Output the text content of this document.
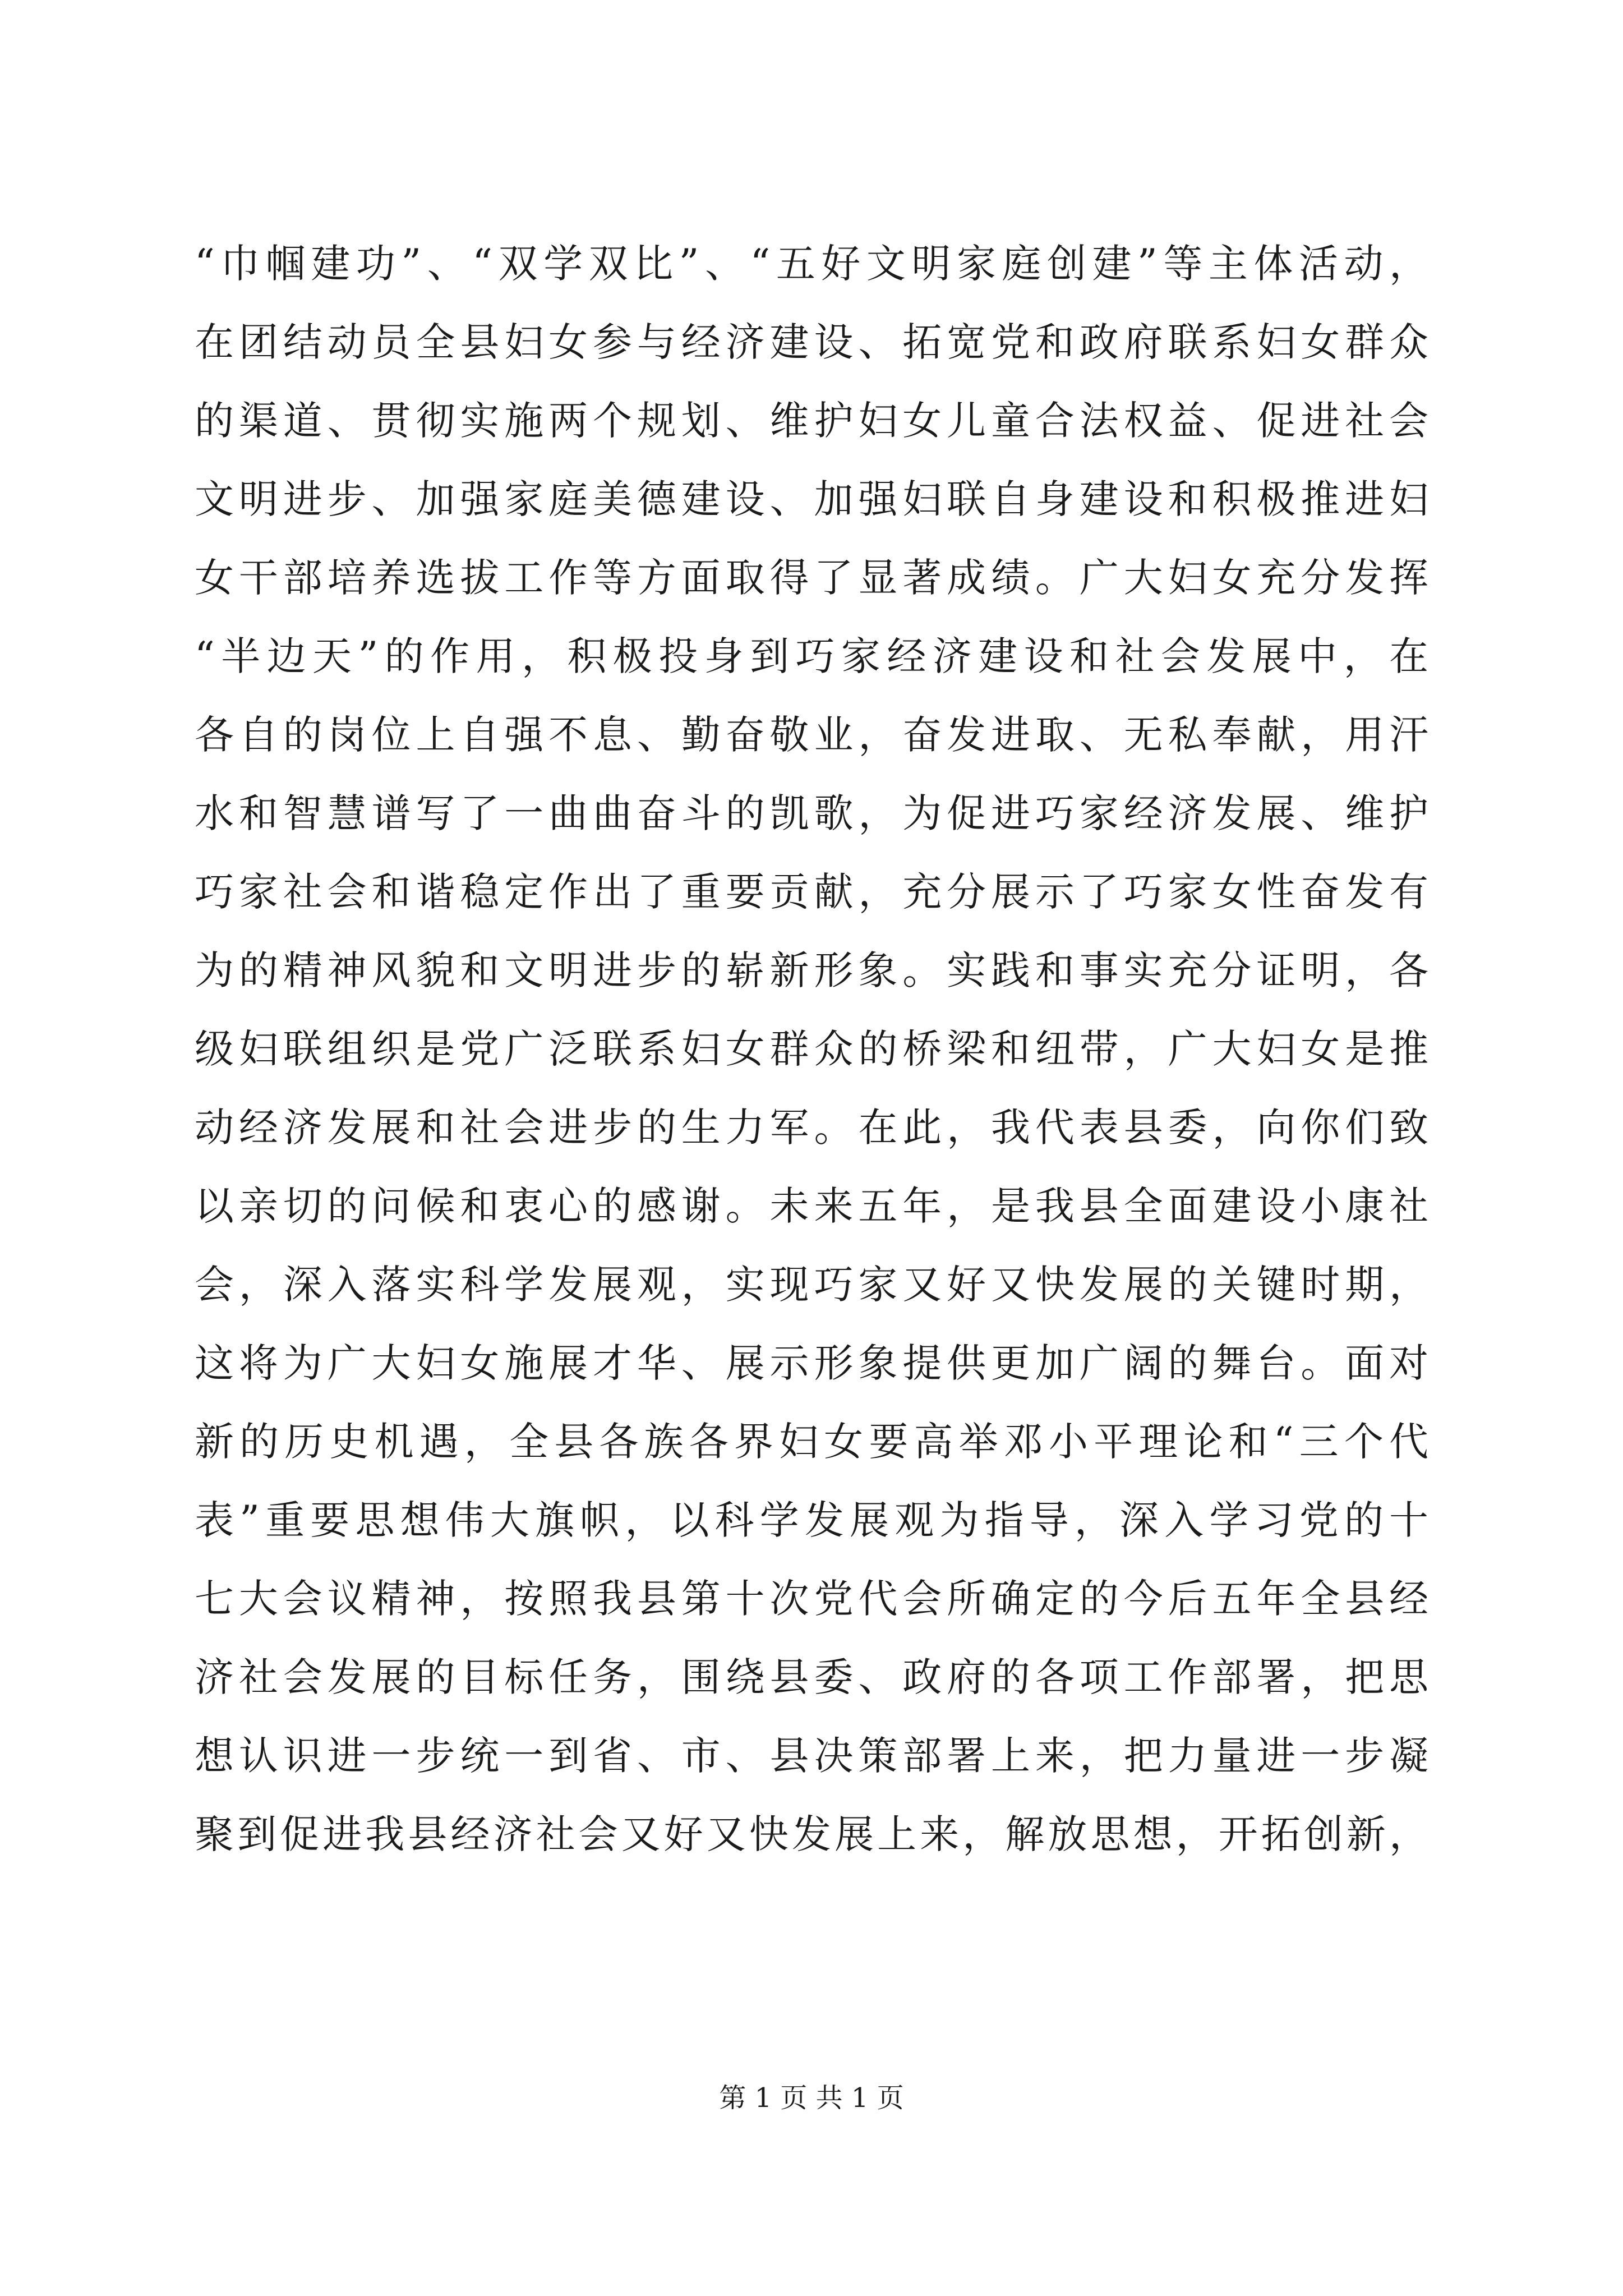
“巾帼建功”、“双学双比”、“五好文明家庭创建”等主体活动，
在团结动员全县妇女参与经济建设、拓宽党和政府联系妇女群众
的渠道、贯彻实施两个规划、维护妇女儿童合法权益、促进社会
文明进步、加强家庭美德建设、加强妇联自身建设和积极推进妇
女干部培养选拔工作等方面取得了显著成绩。广大妇女充分发挥
“半边天”的作用，积极投身到巧家经济建设和社会发展中，在
各自的岗位上自强不息、勤奋敬业，奋发进取、无私奉献，用汗
水和智慧谱写了一曲曲奋斗的凯歌，为促进巧家经济发展、维护
巧家社会和谐稳定作出了重要贡献，充分展示了巧家女性奋发有
为的精神风貌和文明进步的崭新形象。实践和事实充分证明，各
级妇联组织是党广泛联系妇女群众的桥梁和纽带，广大妇女是推
动经济发展和社会进步的生力军。在此，我代表县委，向你们致
以亲切的问候和衷心的感谢。未来五年，是我县全面建设小康社
会，深入落实科学发展观，实现巧家又好又快发展的关键时期，
这将为广大妇女施展才华、展示形象提供更加广阔的舞台。面对
新的历史机遇，全县各族各界妇女要高举邓小平理论和“三个代
表”重要思想伟大旗帜，以科学发展观为指导，深入学习党的十
七大会议精神，按照我县第十次党代会所确定的今后五年全县经
济社会发展的目标任务，围绕县委、政府的各项工作部署，把思
想认识进一步统一到省、市、县决策部署上来，把力量进一步凝
聚到促进我县经济社会又好又快发展上来，解放思想，开拓创新，
第 1 页 共 1 页
